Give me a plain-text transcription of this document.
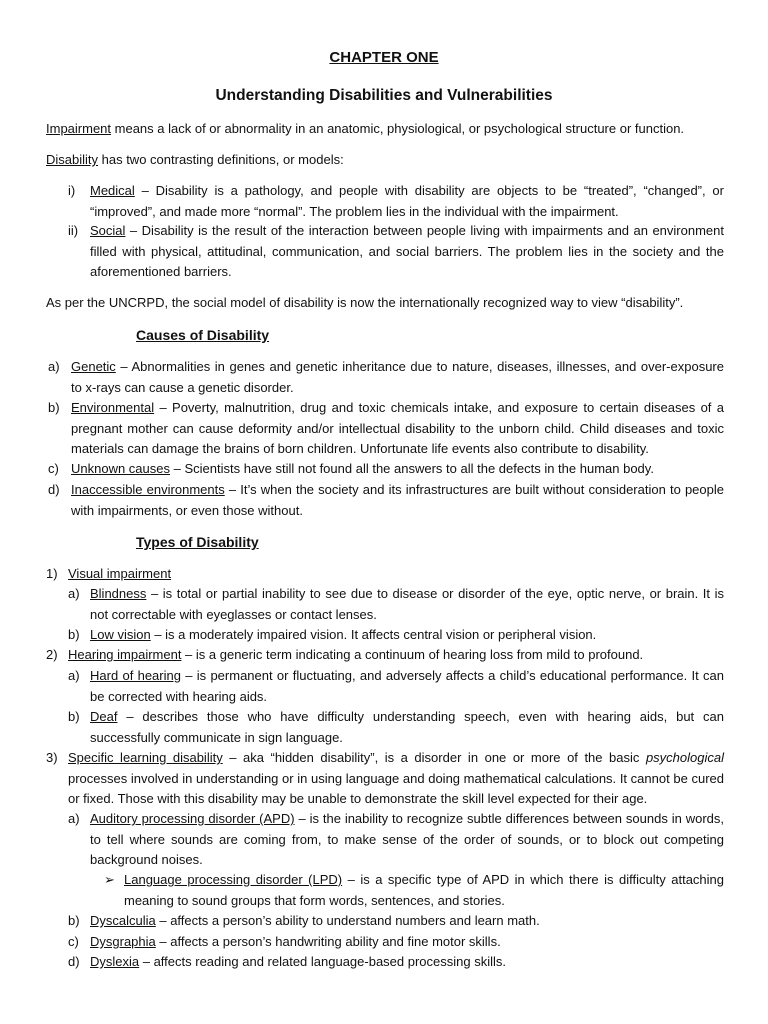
CHAPTER ONE
Understanding Disabilities and Vulnerabilities
Impairment means a lack of or abnormality in an anatomic, physiological, or psychological structure or function.
Disability has two contrasting definitions, or models:
i) Medical – Disability is a pathology, and people with disability are objects to be “treated”, “changed”, or “improved”, and made more “normal”. The problem lies in the individual with the impairment.
ii) Social – Disability is the result of the interaction between people living with impairments and an environment filled with physical, attitudinal, communication, and social barriers. The problem lies in the society and the aforementioned barriers.
As per the UNCRPD, the social model of disability is now the internationally recognized way to view “disability”.
Causes of Disability
a) Genetic – Abnormalities in genes and genetic inheritance due to nature, diseases, illnesses, and over-exposure to x-rays can cause a genetic disorder.
b) Environmental – Poverty, malnutrition, drug and toxic chemicals intake, and exposure to certain diseases of a pregnant mother can cause deformity and/or intellectual disability to the unborn child. Child diseases and toxic materials can damage the brains of born children. Unfortunate life events also contribute to disability.
c) Unknown causes – Scientists have still not found all the answers to all the defects in the human body.
d) Inaccessible environments – It’s when the society and its infrastructures are built without consideration to people with impairments, or even those without.
Types of Disability
1) Visual impairment
a) Blindness – is total or partial inability to see due to disease or disorder of the eye, optic nerve, or brain. It is not correctable with eyeglasses or contact lenses.
b) Low vision – is a moderately impaired vision. It affects central vision or peripheral vision.
2) Hearing impairment – is a generic term indicating a continuum of hearing loss from mild to profound.
a) Hard of hearing – is permanent or fluctuating, and adversely affects a child’s educational performance. It can be corrected with hearing aids.
b) Deaf – describes those who have difficulty understanding speech, even with hearing aids, but can successfully communicate in sign language.
3) Specific learning disability – aka “hidden disability”, is a disorder in one or more of the basic psychological processes involved in understanding or in using language and doing mathematical calculations. It cannot be cured or fixed. Those with this disability may be unable to demonstrate the skill level expected for their age.
a) Auditory processing disorder (APD) – is the inability to recognize subtle differences between sounds in words, to tell where sounds are coming from, to make sense of the order of sounds, or to block out competing background noises.
➢ Language processing disorder (LPD) – is a specific type of APD in which there is difficulty attaching meaning to sound groups that form words, sentences, and stories.
b) Dyscalculia – affects a person’s ability to understand numbers and learn math.
c) Dysgraphia – affects a person’s handwriting ability and fine motor skills.
d) Dyslexia – affects reading and related language-based processing skills.
